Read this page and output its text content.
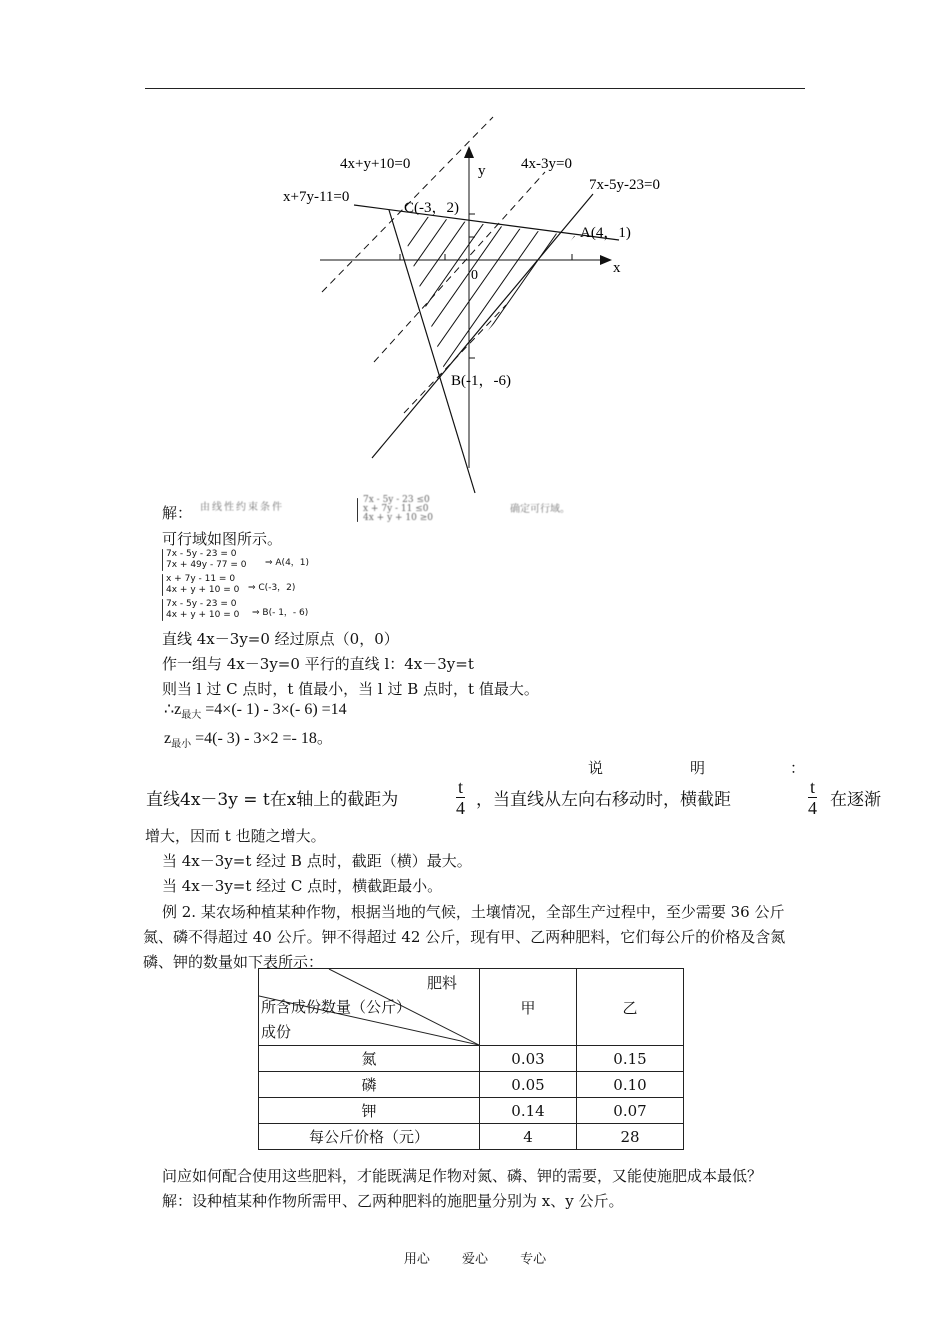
4x+y+10=0	4x-3y=0
7x-5y-23=0
x+7y-11=0
C(-3，2)
A(4，1)
B(-1，-6)
x
y
0
解： 由线性约束条件
7x - 5y - 23 ≤0
x + 7y - 11 ≤0
4x + y + 10 ≥0
确定可行域。
可行域如图所示。
7x - 5y - 23 = 0
7x + 49y - 77 = 0 ⇒ A(4，1)
x + 7y - 11 = 0
4x + y + 10 = 0 ⇒ C(-3，2)
7x - 5y - 23 = 0
4x + y + 10 = 0 ⇒ B(- 1，- 6)
直线 4x－3y=0 经过原点（0，0）
作一组与 4x－3y=0 平行的直线 l：4x－3y=t
则当 l 过 C 点时，t 值最小，当 l 过 B 点时，t 值最大。
$\therefore z_{最大} =4\times(-$ 1) - 3×(- 6) =14
$z_{最小} =4(-$ 3) - 3×2 =- 18。
说	明	：
直线4x－3y = t在x轴上的截距为	$\frac{t}{4}$ ，当直线从左向右移动时，横截距	$\frac{t}{4}$ 在逐渐
增大，因而 t 也随之增大。
当 4x－3y=t 经过 B 点时，截距（横）最大。
当 4x－3y=t 经过 C 点时，横截距最小。
例 2. 某农场种植某种作物，根据当地的气候，土壤情况，全部生产过程中，至少需要 36 公斤氮、磷不得超过 40 公斤。钾不得超过 42 公斤，现有甲、乙两种肥料，它们每公斤的价格及含氮磷、钾的数量如下表所示：
肥料
所含成份数量（公斤）
成份	甲	乙
氮	0.03	0.15
磷	0.05	0.10
钾	0.14	0.07
每公斤价格（元）	4	28
问应如何配合使用这些肥料，才能既满足作物对氮、磷、钾的需要，又能使施肥成本最低？
解：设种植某种作物所需甲、乙两种肥料的施肥量分别为 x、y 公斤。
用心 爱心 专心
